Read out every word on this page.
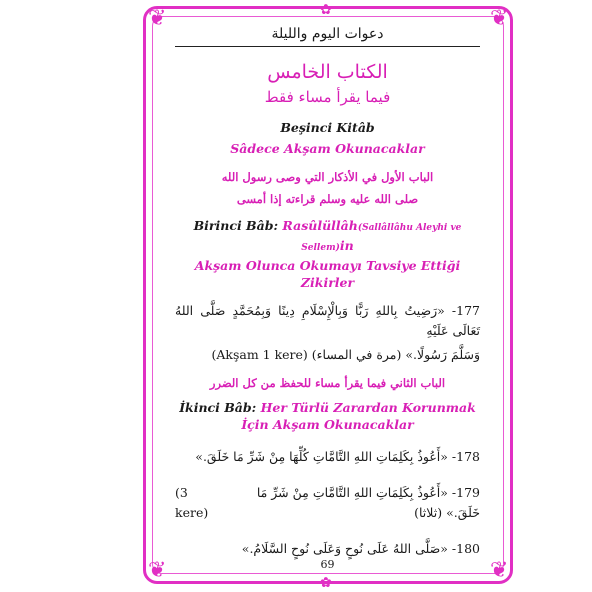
❦	❦
❦	❦
✿
✿
دعوات اليوم والليلة
الكتاب الخامس
فيما يقرأ مساء فقط
Beşinci Kitâb
Sâdece Akşam Okunacaklar
الباب الأول في الأذكار التي وصى رسول الله
صلى الله عليه وسلم قراءته إذا أمسى
Birinci Bâb: Rasûlüllâh(Sallâllâhu Aleyhi ve Sellem)in
Akşam Olunca Okumayı Tavsiye Ettiği Zikirler
177- «رَضِيتُ بِاللهِ رَبًّا وَبِالْإِسْلَامِ دِينًا وَبِمُحَمَّدٍ صَلَّى اللهُ تَعَالَى عَلَيْهِ
وَسَلَّمَ رَسُولًا.» (مرة في المساء) (Akşam 1 kere)
الباب الثاني فيما يقرأ مساء للحفظ من كل الضرر
İkinci Bâb: Her Türlü Zarardan Korunmak
İçin Akşam Okunacaklar
178- «أَعُوذُ بِكَلِمَاتِ اللهِ التَّامَّاتِ كُلِّهَا مِنْ شَرِّ مَا خَلَقَ.»
179- «أَعُوذُ بِكَلِمَاتِ اللهِ التَّامَّاتِ مِنْ شَرِّ مَا خَلَقَ.» (ثلاثا)
(3 kere)
180- «صَلَّى اللهُ عَلَى نُوحٍ وَعَلَى نُوحٍ السَّلَامُ.»
69
